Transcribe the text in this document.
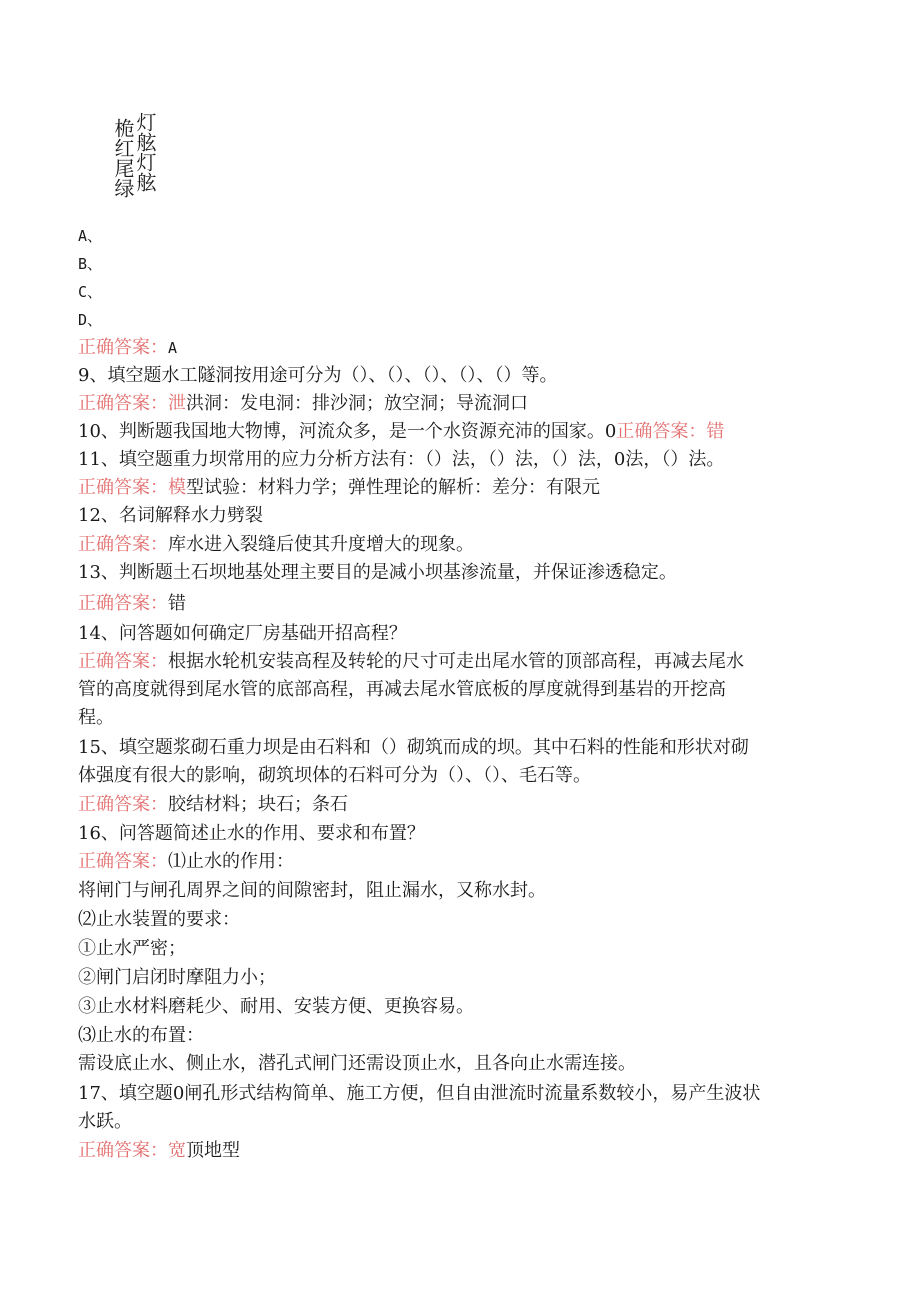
桅红尾绿
灯舷灯舷
A、
B、
C、
D、
正确答案：A
9、填空题水工隧洞按用途可分为（）、（）、（）、（）、（）等。
正确答案：泄洪洞：发电洞：排沙洞；放空洞；导流洞口
10、判断题我国地大物博，河流众多，是一个水资源充沛的国家。0正确答案：错
11、填空题重力坝常用的应力分析方法有：（）法，（）法，（）法，0法，（）法。
正确答案：模型试验：材料力学；弹性理论的解析：差分：有限元
12、名词解释水力劈裂
正确答案：库水进入裂缝后使其升度增大的现象。
13、判断题土石坝地基处理主要目的是减小坝基渗流量，并保证渗透稳定。
正确答案：错
14、问答题如何确定厂房基础开招高程？
正确答案：根据水轮机安装高程及转轮的尺寸可走出尾水管的顶部高程，再减去尾水
管的高度就得到尾水管的底部高程，再减去尾水管底板的厚度就得到基岩的开挖高
程。
15、填空题浆砌石重力坝是由石料和（）砌筑而成的坝。其中石料的性能和形状对砌
体强度有很大的影响，砌筑坝体的石料可分为（）、（）、毛石等。
正确答案：胶结材料；块石；条石
16、问答题简述止水的作用、要求和布置？
正确答案：⑴止水的作用：
将闸门与闸孔周界之间的间隙密封，阻止漏水，又称水封。
⑵止水装置的要求：
①止水严密；
②闸门启闭时摩阻力小；
③止水材料磨耗少、耐用、安装方便、更换容易。
⑶止水的布置：
需设底止水、侧止水，潜孔式闸门还需设顶止水，且各向止水需连接。
17、填空题0闸孔形式结构简单、施工方便，但自由泄流时流量系数较小，易产生波状
水跃。
正确答案：宽顶地型
